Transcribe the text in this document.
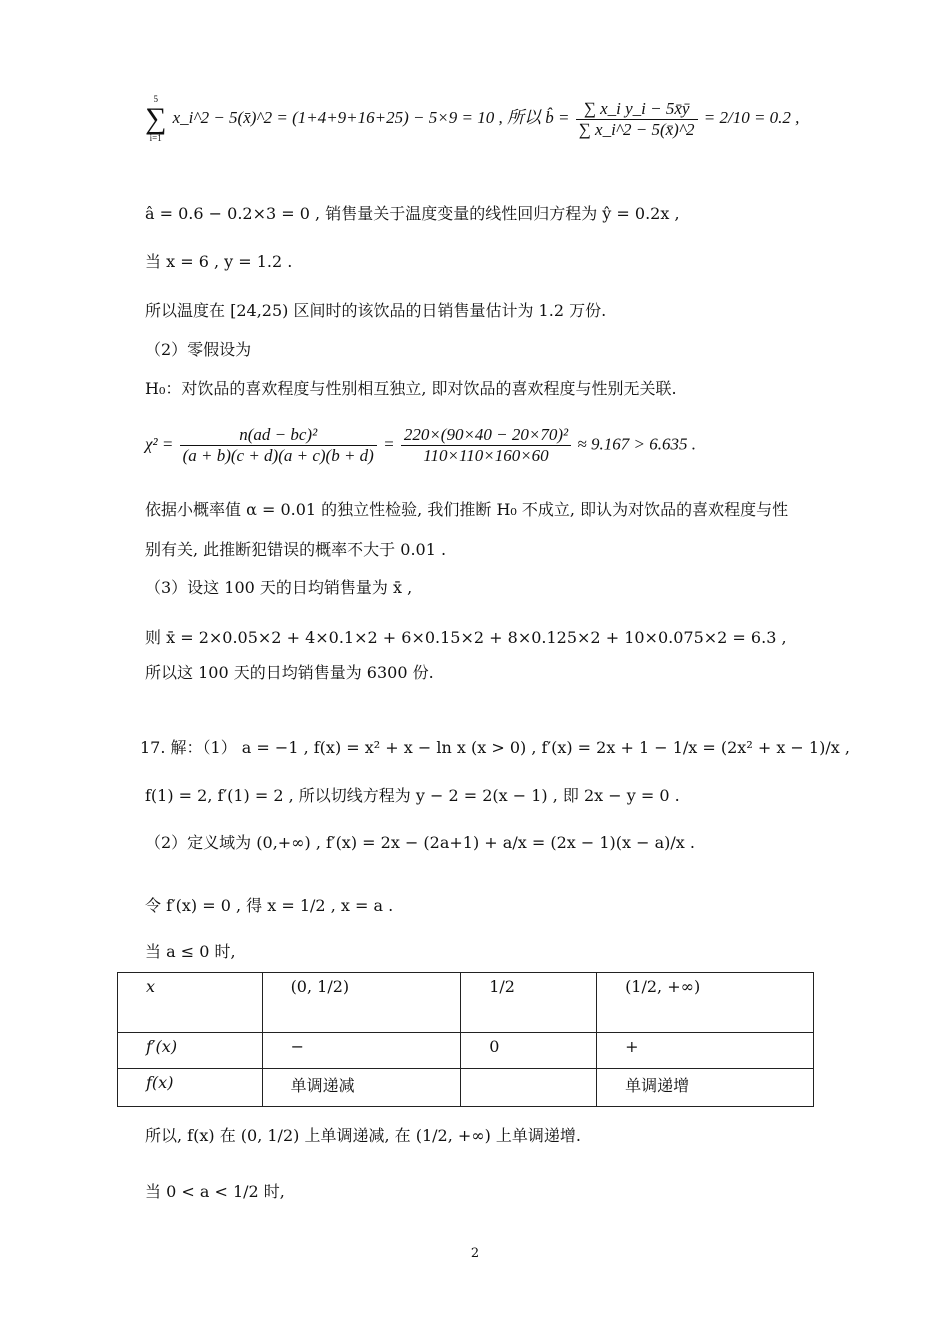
5
∑
i=1
x_i^2 − 5(x̄)^2 = (1+4+9+16+25) − 5×9 = 10 , 所以 b̂ = $\frac{\text{∑ x\_i y\_i − 5x̄ȳ}}{\sum x\_i\^{}2 - 5(x̄)\^{}2} = 2/10 = 0.2$ ,
â = 0.6 − 0.2×3 = 0 , 销售量关于温度变量的线性回归方程为 ŷ = 0.2x ,
当 x = 6 , y = 1.2 .
所以温度在 [24,25) 区间时的该饮品的日销售量估计为 1.2 万份.
（2）零假设为
H₀：对饮品的喜欢程度与性别相互独立, 即对饮品的喜欢程度与性别无关联.
$\chi^2 = \frac{\text{n(ad − bc)²}}{(a + b)(c + d)(a + c)(b + d)} = \frac{\text{220×(90×40 − 20×70)²}}{110\times 110\times 160\times 60} \approx 9.167 > 6.635$ .
依据小概率值 α = 0.01 的独立性检验, 我们推断 H₀ 不成立, 即认为对饮品的喜欢程度与性
别有关, 此推断犯错误的概率不大于 0.01 .
（3）设这 100 天的日均销售量为 x̄ ,
则 x̄ = 2×0.05×2 + 4×0.1×2 + 6×0.15×2 + 8×0.125×2 + 10×0.075×2 = 6.3 ,
所以这 100 天的日均销售量为 6300 份.
17. 解：（1） a = −1 , f(x) = x² + x − ln x (x > 0) , f′(x) = 2x + 1 − 1/x = (2x² + x − 1)/x ,
f(1) = 2, f′(1) = 2 , 所以切线方程为 y − 2 = 2(x − 1) , 即 2x − y = 0 .
（2）定义域为 (0,+∞) , f′(x) = 2x − (2a+1) + a/x = (2x − 1)(x − a)/x .
令 f′(x) = 0 , 得 x = 1/2 , x = a .
当 a ≤ 0 时,
x	(0, 1/2)	1/2	(1/2, +∞)
f′(x)	−	0	+
f(x)	单调递减		单调递增
所以, f(x) 在 (0, 1/2) 上单调递减, 在 (1/2, +∞) 上单调递增.
当 0 < a < 1/2 时,
2
